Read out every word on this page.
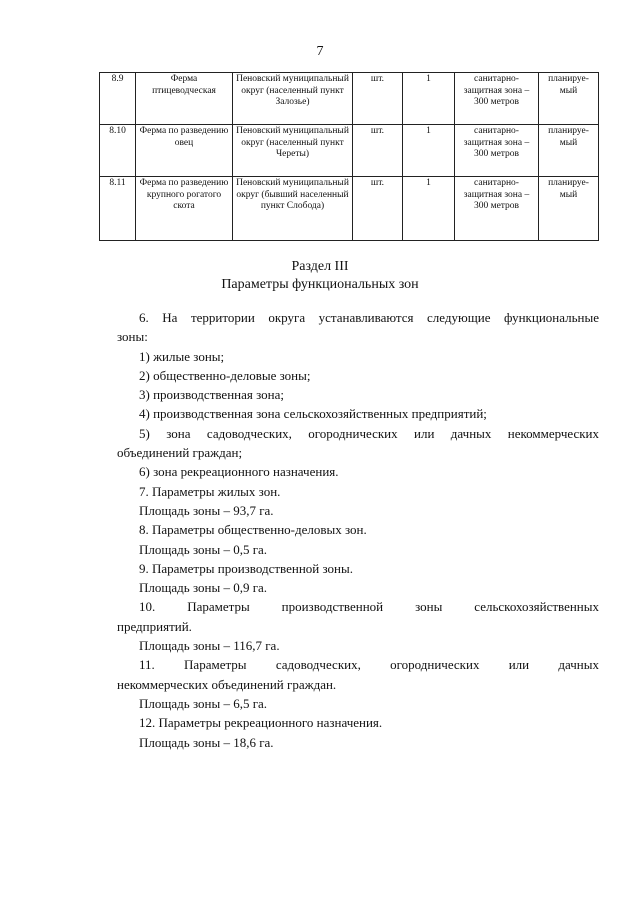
7
8.9	Ферма птицеводческая	Пеновский муниципальный округ (населенный пункт Залозье)	шт.	1	санитарно-защитная зона – 300 метров	планируе-мый
8.10	Ферма по разведению овец	Пеновский муниципальный округ (населенный пункт Череты)	шт.	1	санитарно-защитная зона – 300 метров	планируе-мый
8.11	Ферма по разведению крупного рогатого скота	Пеновский муниципальный округ (бывший населенный пункт Слобода)	шт.	1	санитарно-защитная зона – 300 метров	планируе-мый
Раздел III
Параметры функциональных зон

6. На территории округа устанавливаются следующие функциональные

зоны:

1) жилые зоны;

2) общественно-деловые зоны;

3) производственная зона;

4) производственная зона сельскохозяйственных предприятий;

5) зона садоводческих, огороднических или дачных некоммерческих

объединений граждан;

6) зона рекреационного назначения.

7. Параметры жилых зон.

Площадь зоны – 93,7 га.

8. Параметры общественно-деловых зон.

Площадь зоны – 0,5 га.

9. Параметры производственной зоны.

Площадь зоны – 0,9 га.

10. Параметры производственной зоны сельскохозяйственных

предприятий.

Площадь зоны – 116,7 га.

11. Параметры садоводческих, огороднических или дачных

некоммерческих объединений граждан.

Площадь зоны – 6,5 га.

12. Параметры рекреационного назначения.

Площадь зоны – 18,6 га.
